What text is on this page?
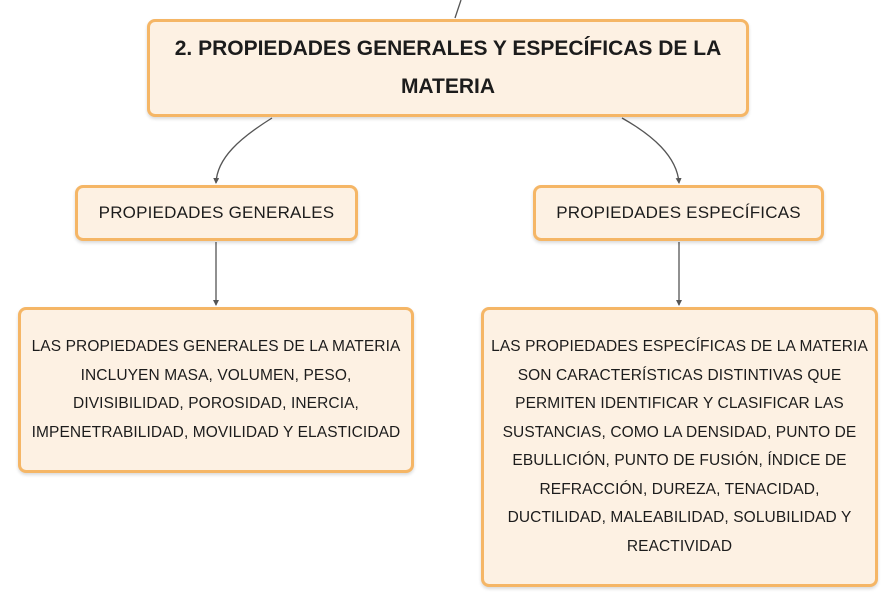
2. PROPIEDADES GENERALES Y ESPECÍFICAS DE LA MATERIA
PROPIEDADES GENERALES	PROPIEDADES ESPECÍFICAS
LAS PROPIEDADES GENERALES DE LA MATERIA INCLUYEN MASA, VOLUMEN, PESO, DIVISIBILIDAD, POROSIDAD, INERCIA, IMPENETRABILIDAD, MOVILIDAD Y ELASTICIDAD
LAS PROPIEDADES ESPECÍFICAS DE LA MATERIA SON CARACTERÍSTICAS DISTINTIVAS QUE PERMITEN IDENTIFICAR Y CLASIFICAR LAS SUSTANCIAS, COMO LA DENSIDAD, PUNTO DE EBULLICIÓN, PUNTO DE FUSIÓN, ÍNDICE DE REFRACCIÓN, DUREZA, TENACIDAD, DUCTILIDAD, MALEABILIDAD, SOLUBILIDAD Y REACTIVIDAD
